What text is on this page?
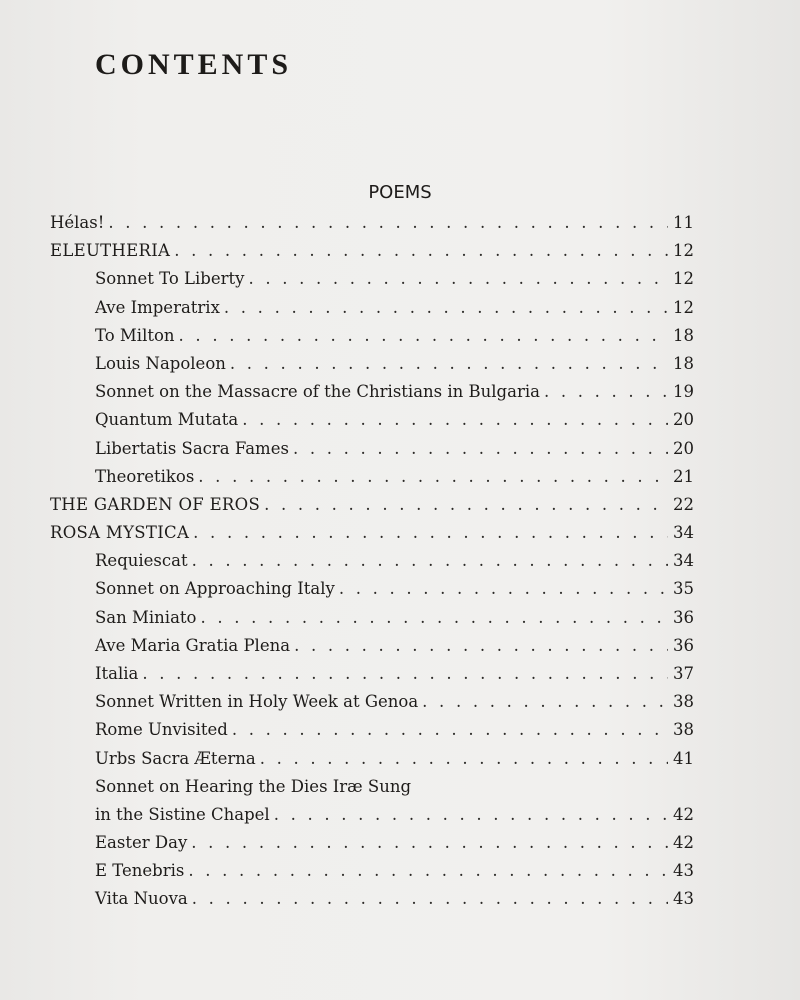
CONTENTS
POEMS
Hélas! . . .	11
ELEUTHERIA . . .	12
Sonnet To Liberty . . .	12
Ave Imperatrix . . .	12
To Milton . . .	18
Louis Napoleon . . .	18
Sonnet on the Massacre of the Christians in Bulgaria . . .	19
Quantum Mutata . . .	20
Libertatis Sacra Fames . . .	20
Theoretikos . . .	21
THE GARDEN OF EROS . . .	22
ROSA MYSTICA . . .	34
Requiescat . . .	34
Sonnet on Approaching Italy . . .	35
San Miniato . . .	36
Ave Maria Gratia Plena . . .	36
Italia . . .	37
Sonnet Written in Holy Week at Genoa . . .	38
Rome Unvisited . . .	38
Urbs Sacra Æterna . . .	41
Sonnet on Hearing the Dies Iræ Sung
in the Sistine Chapel . . .	42
Easter Day . . .	42
E Tenebris . . .	43
Vita Nuova . . .	43
